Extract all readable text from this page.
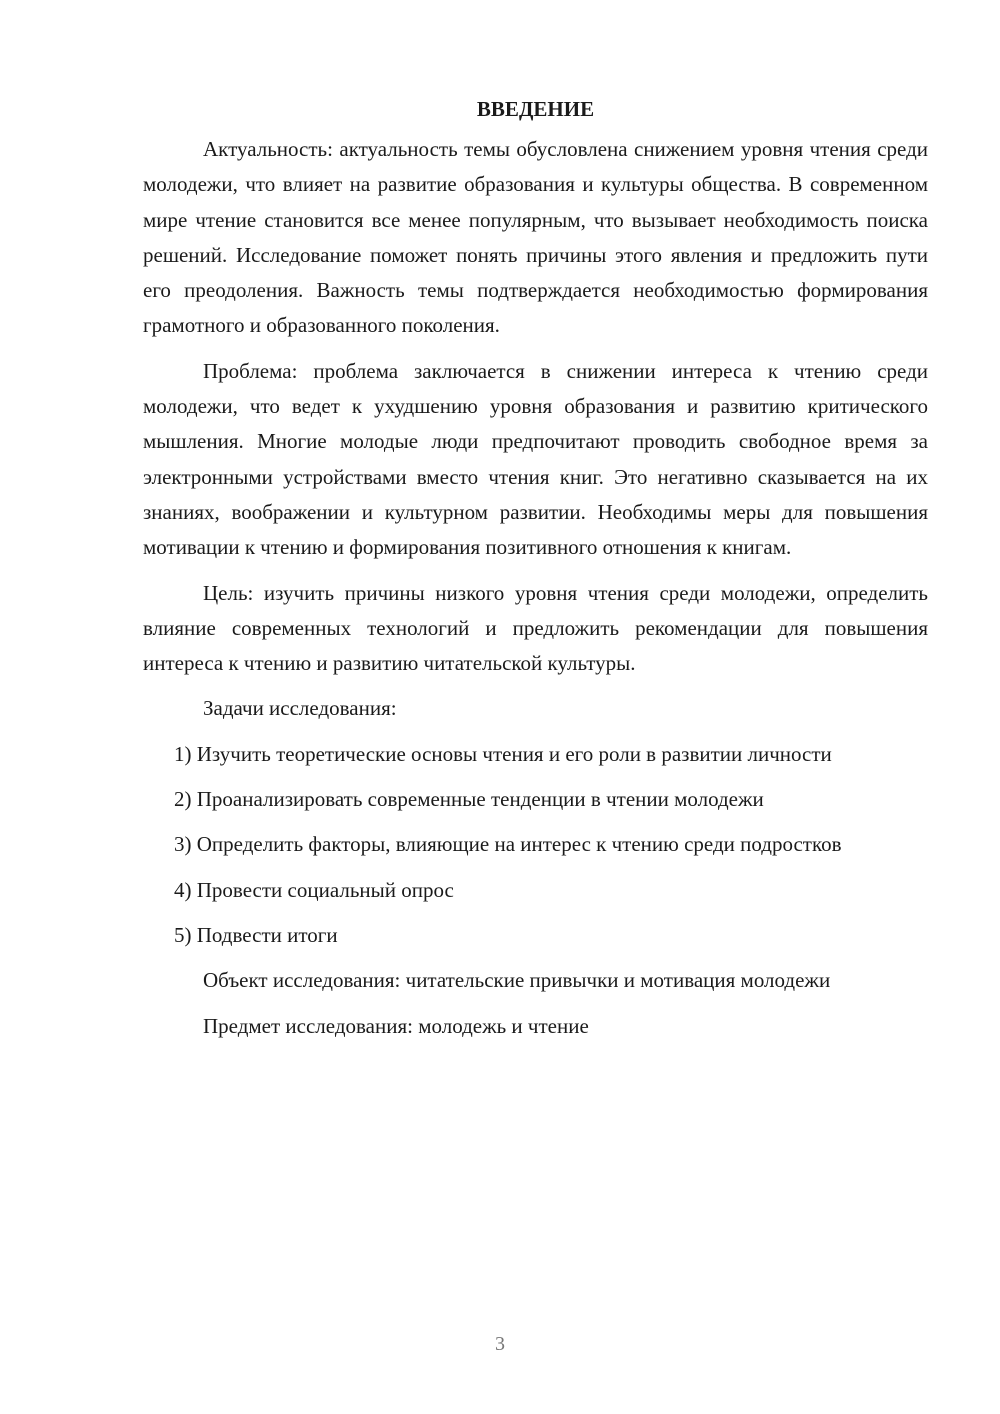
ВВЕДЕНИЕ

Актуальность: актуальность темы обусловлена снижением уровня чтения среди молодежи, что влияет на развитие образования и культуры общества. В современном мире чтение становится все менее популярным, что вызывает необходимость поиска решений. Исследование поможет понять причины этого явления и предложить пути его преодоления. Важность темы подтверждается необходимостью формирования грамотного и образованного поколения.

Проблема: проблема заключается в снижении интереса к чтению среди молодежи, что ведет к ухудшению уровня образования и развитию критического мышления. Многие молодые люди предпочитают проводить свободное время за электронными устройствами вместо чтения книг. Это негативно сказывается на их знаниях, воображении и культурном развитии. Необходимы меры для повышения мотивации к чтению и формирования позитивного отношения к книгам.

Цель: изучить причины низкого уровня чтения среди молодежи, определить влияние современных технологий и предложить рекомендации для повышения интереса к чтению и развитию читательской культуры.

Задачи исследования:

1) Изучить теоретические основы чтения и его роли в развитии личности

2) Проанализировать современные тенденции в чтении молодежи

3) Определить факторы, влияющие на интерес к чтению среди подростков

4) Провести социальный опрос

5) Подвести итоги

Объект исследования: читательские привычки и мотивация молодежи

Предмет исследования: молодежь и чтение

3
